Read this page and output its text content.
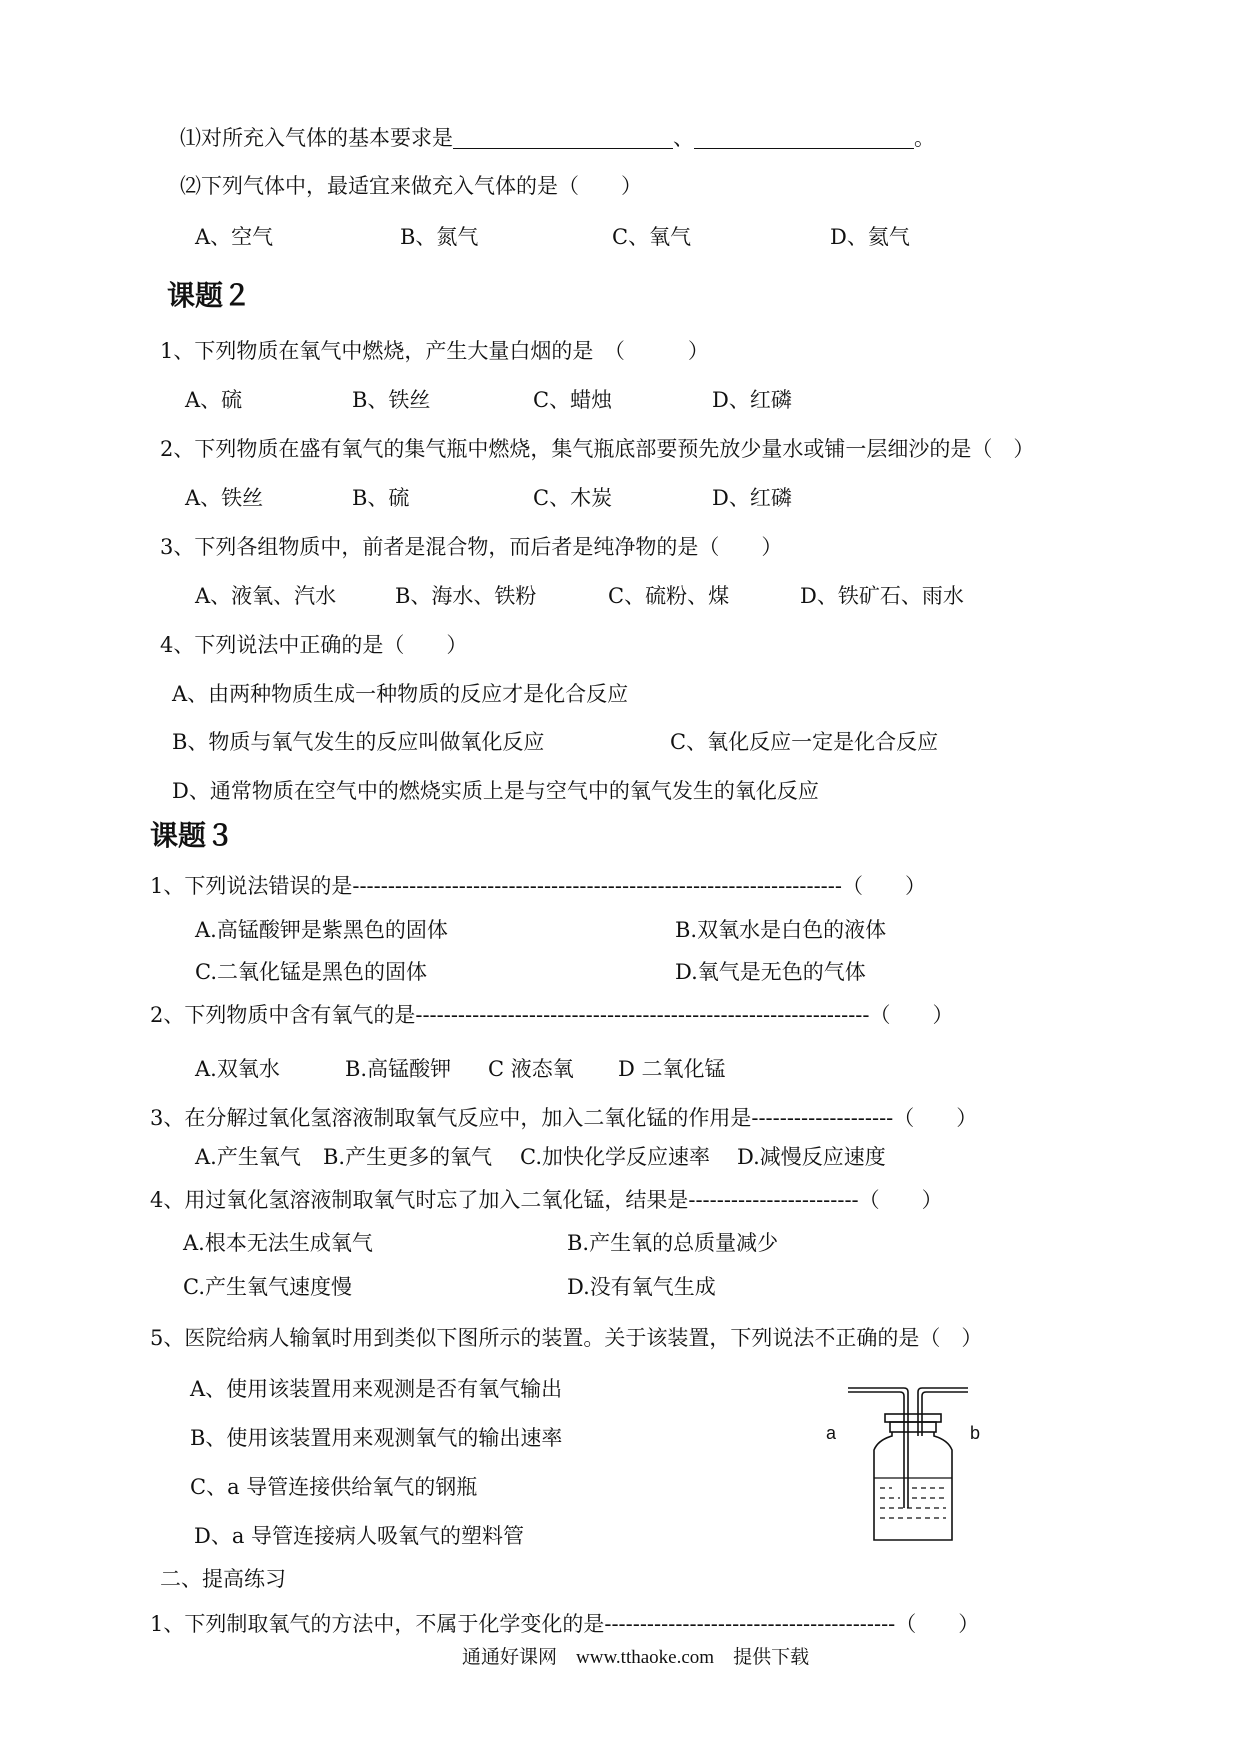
⑴对所充入气体的基本要求是	、	。
⑵下列气体中，最适宜来做充入气体的是（　　）
A、空气	B、氮气	C、氧气	D、氦气
课题２
1、下列物质在氧气中燃烧，产生大量白烟的是　（　　　）
A、硫	B、铁丝	C、蜡烛	D、红磷
2、下列物质在盛有氧气的集气瓶中燃烧，集气瓶底部要预先放少量水或铺一层细沙的是（　）
A、铁丝	B、硫	C、木炭	D、红磷
3、下列各组物质中，前者是混合物，而后者是纯净物的是（　　）
A、液氧、汽水	B、海水、铁粉	C、硫粉、煤	D、铁矿石、雨水
4、下列说法中正确的是（　　）
A、由两种物质生成一种物质的反应才是化合反应
B、物质与氧气发生的反应叫做氧化反应	C、氧化反应一定是化合反应
D、通常物质在空气中的燃烧实质上是与空气中的氧气发生的氧化反应
课题３
1、下列说法错误的是---------------------------------------------------------------------（　　）
A.高锰酸钾是紫黑色的固体	B.双氧水是白色的液体
C.二氧化锰是黑色的固体	D.氧气是无色的气体
2、下列物质中含有氧气的是----------------------------------------------------------------（　　）
A.双氧水	B.高锰酸钾 C 液态氧 D 二氧化锰
3、在分解过氧化氢溶液制取氧气反应中，加入二氧化锰的作用是--------------------（　　）
A.产生氧气 B.产生更多的氧气 C.加快化学反应速率 D.减慢反应速度
4、用过氧化氢溶液制取氧气时忘了加入二氧化锰，结果是------------------------（　　）
A.根本无法生成氧气	B.产生氧的总质量减少
C.产生氧气速度慢	D.没有氧气生成
5、医院给病人输氧时用到类似下图所示的装置。关于该装置，下列说法不正确的是（　）
A、使用该装置用来观测是否有氧气输出
B、使用该装置用来观测氧气的输出速率
C、a 导管连接供给氧气的钢瓶
D、a 导管连接病人吸氧气的塑料管
a	b
二、提高练习
1、下列制取氧气的方法中，不属于化学变化的是-----------------------------------------（　　）
通通好课网　www.tthaoke.com　提供下载
